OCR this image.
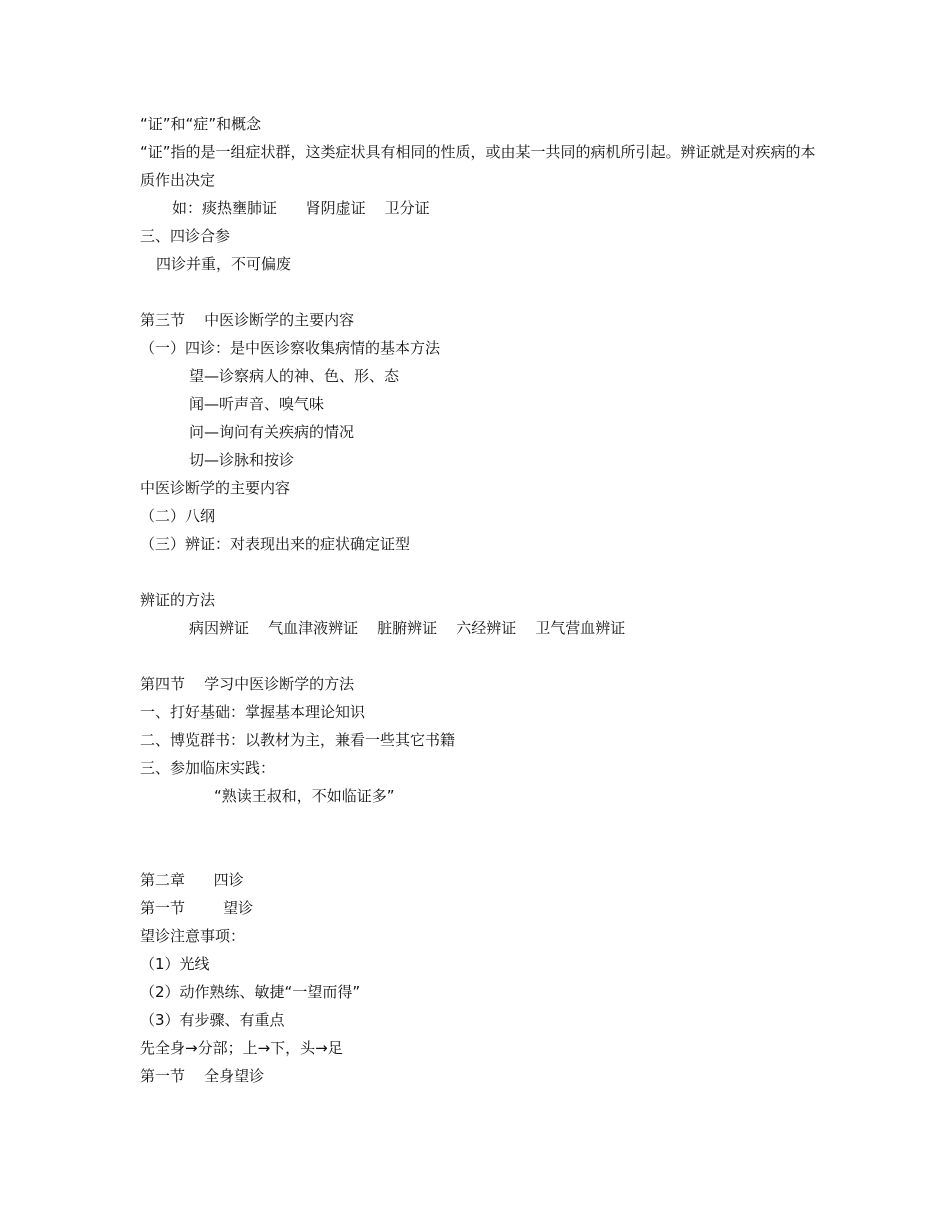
“证”和“症”和概念
“证”指的是一组症状群，这类症状具有相同的性质，或由某一共同的病机所引起。辨证就是对疾病的本质作出决定
如：痰热壅肺证      肾阴虚证    卫分证
三、四诊合参
四诊并重，不可偏废
第三节    中医诊断学的主要内容
（一）四诊：是中医诊察收集病情的基本方法
望—诊察病人的神、色、形、态
闻—听声音、嗅气味
问—询问有关疾病的情况
切—诊脉和按诊
中医诊断学的主要内容
（二）八纲
（三）辨证：对表现出来的症状确定证型
辨证的方法
病因辨证    气血津液辨证    脏腑辨证    六经辨证    卫气营血辨证
第四节    学习中医诊断学的方法
一、打好基础：掌握基本理论知识
二、博览群书：以教材为主，兼看一些其它书籍
三、参加临床实践：
“熟读王叔和，不如临证多”
第二章      四诊
第一节        望诊
望诊注意事项：
（1）光线
（2）动作熟练、敏捷“一望而得”
（3）有步骤、有重点
先全身→分部；上→下，头→足
第一节    全身望诊
